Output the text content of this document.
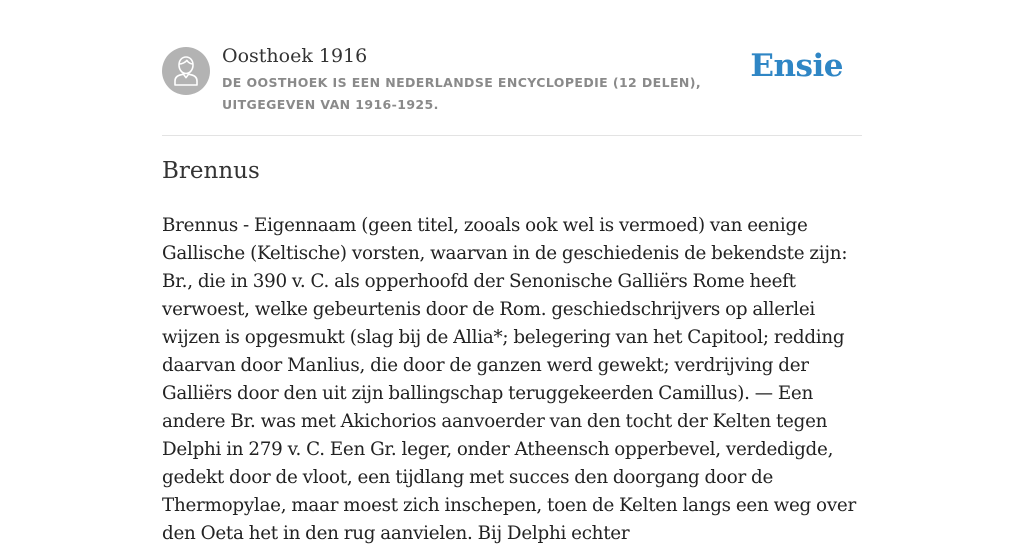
Oosthoek 1916
DE OOSTHOEK IS EEN NEDERLANDSE ENCYCLOPEDIE (12 DELEN), UITGEGEVEN VAN 1916-1925.
Ensie
Brennus

Brennus - Eigennaam (geen titel, zooals ook wel is vermoed) van eenige Gallische (Keltische) vorsten, waarvan in de geschiedenis de bekendste zijn: Br., die in 390 v. C. als opperhoofd der Senonische Galliërs Rome heeft verwoest, welke gebeurtenis door de Rom. geschiedschrijvers op allerlei wijzen is opgesmukt (slag bij de Allia*; belegering van het Capitool; redding daarvan door Manlius, die door de ganzen werd gewekt; verdrijving der Galliërs door den uit zijn ballingschap teruggekeerden Camillus). — Een andere Br. was met Akichorios aanvoerder van den tocht der Kelten tegen Delphi in 279 v. C. Een Gr. leger, onder Atheensch opperbevel, verdedigde, gedekt door de vloot, een tijdlang met succes den doorgang door de Thermopylae, maar moest zich inschepen, toen de Kelten langs een weg over den Oeta het in den rug aanvielen. Bij Delphi echter
